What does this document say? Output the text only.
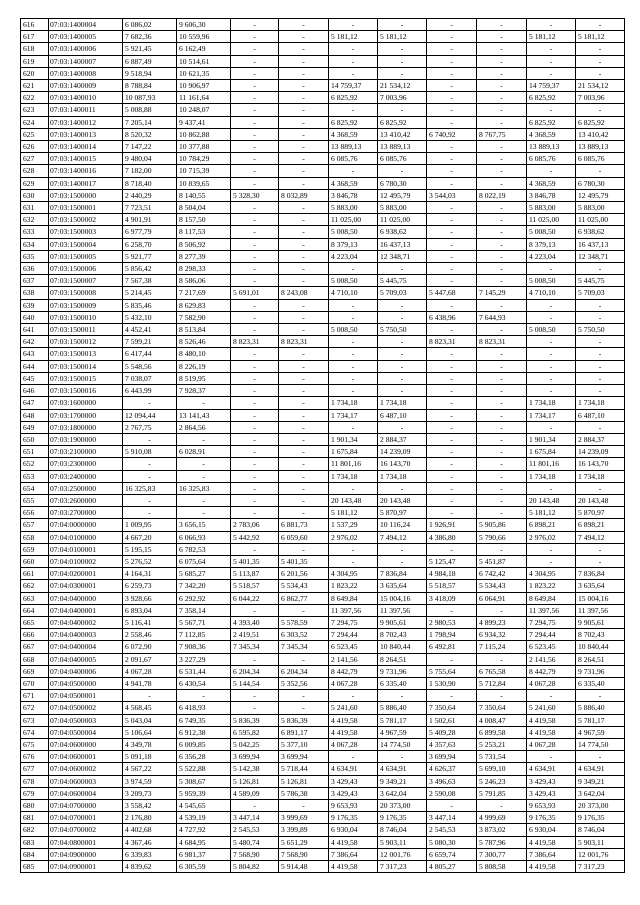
616	07:03:1400004	6 086,02	9 606,30	-	-	-	-	-	-	-	-
617	07:03:1400005	7 682,36	10 559,96	-	-	5 181,12	5 181,12	-	-	5 181,12	5 181,12
618	07:03:1400006	5 921,45	6 162,49	-	-	-	-	-	-	-	-
619	07:03:1400007	6 887,49	10 514,61	-	-	-	-	-	-	-	-
620	07:03:1400008	9 518,94	10 621,35	-	-	-	-	-	-	-	-
621	07:03:1400009	8 788,84	10 906,97	-	-	14 759,37	21 534,12	-	-	14 759,37	21 534,12
622	07:03:1400010	10 087,93	11 161,64	-	-	6 825,92	7 003,96	-	-	6 825,92	7 003,96
623	07:03:1400011	5 008,88	10 248,07	-	-	-	-	-	-	-	-
624	07:03:1400012	7 205,14	9 437,41	-	-	6 825,92	6 825,92	-	-	6 825,92	6 825,92
625	07:03:1400013	8 520,32	10 862,88	-	-	4 368,59	13 410,42	6 740,92	8 767,75	4 368,59	13 410,42
626	07:03:1400014	7 147,22	10 377,88	-	-	13 889,13	13 889,13	-	-	13 889,13	13 889,13
627	07:03:1400015	9 480,04	10 784,29	-	-	6 085,76	6 085,76	-	-	6 085,76	6 085,76
628	07:03:1400016	7 182,00	10 715,39	-	-	-	-	-	-	-	-
629	07:03:1400017	8 718,40	10 839,65	-	-	4 368,59	6 780,30	-	-	4 368,59	6 780,30
630	07:03:1500000	2 440,29	8 140,55	5 328,30	8 032,89	3 846,78	12 495,79	3 544,03	8 022,19	3 846,78	12 495,79
631	07:03:1500001	7 723,51	8 504,04	-	-	5 883,00	5 883,00	-	-	5 883,00	5 883,00
632	07:03:1500002	4 901,91	8 157,50	-	-	11 025,00	11 025,00	-	-	11 025,00	11 025,00
633	07:03:1500003	6 977,79	8 117,53	-	-	5 008,50	6 938,62	-	-	5 008,50	6 938,62
634	07:03:1500004	6 258,70	8 506,92	-	-	8 379,13	16 437,13	-	-	8 379,13	16 437,13
635	07:03:1500005	5 921,77	8 277,39	-	-	4 223,04	12 348,71	-	-	4 223,04	12 348,71
636	07:03:1500006	5 856,42	8 298,33	-	-	-	-	-	-	-	-
637	07:03:1500007	7 567,38	8 586,06	-	-	5 008,50	5 445,75	-	-	5 008,50	5 445,75
638	07:03:1500008	5 214,45	7 217,69	5 691,01	8 243,08	4 710,10	5 709,03	5 447,68	7 145,29	4 710,10	5 709,03
639	07:03:1500009	5 835,46	8 629,83	-	-	-	-	-	-	-	-
640	07:03:1500010	5 432,10	7 582,90	-	-	-	-	6 438,96	7 644,93	-	-
641	07:03:1500011	4 452,41	8 513,84	-	-	5 008,50	5 750,50	-	-	5 008,50	5 750,50
642	07:03:1500012	7 599,21	8 526,46	8 823,31	8 823,31	-	-	8 823,31	8 823,31	-	-
643	07:03:1500013	6 417,44	8 480,10	-	-	-	-	-	-	-	-
644	07:03:1500014	5 548,56	8 226,19	-	-	-	-	-	-	-	-
645	07:03:1500015	7 038,07	8 519,95	-	-	-	-	-	-	-	-
646	07:03:1500016	6 443,99	7 928,37	-	-	-	-	-	-	-	-
647	07:03:1600000	-	-	-	-	1 734,18	1 734,18	-	-	1 734,18	1 734,18
648	07:03:1700000	12 094,44	13 141,43	-	-	1 734,17	6 487,10	-	-	1 734,17	6 487,10
649	07:03:1800000	2 767,75	2 864,56	-	-	-	-	-	-	-	-
650	07:03:1900000	-	-	-	-	1 901,34	2 884,37	-	-	1 901,34	2 884,37
651	07:03:2100000	5 910,08	6 028,91	-	-	1 675,84	14 239,09	-	-	1 675,84	14 239,09
652	07:03:2300000	-	-	-	-	11 801,16	16 143,70	-	-	11 801,16	16 143,70
653	07:03:2400000	-	-	-	-	1 734,18	1 734,18	-	-	1 734,18	1 734,18
654	07:03:2500000	16 325,83	16 325,83	-	-	-	-	-	-	-	-
655	07:03:2600000	-	-	-	-	20 143,48	20 143,48	-	-	20 143,48	20 143,48
656	07:03:2700000	-	-	-	-	5 181,12	5 870,97	-	-	5 181,12	5 870,97
657	07:04:0000000	1 009,95	3 656,15	2 783,06	6 881,73	1 537,29	10 116,24	1 926,91	5 905,86	6 898,21	6 898,21
658	07:04:0100000	4 667,20	6 066,93	5 442,92	6 059,60	2 976,02	7 494,12	4 386,80	5 790,66	2 976,02	7 494,12
659	07:04:0100001	5 195,15	6 782,53	-	-	-	-	-	-	-	-
660	07:04:0100002	5 276,52	6 075,64	5 401,35	5 401,35	-	-	5 125,47	5 451,87	-	-
661	07:04:0200001	4 164,31	5 685,27	5 113,87	6 201,56	4 304,95	7 836,84	4 984,18	6 742,42	4 304,95	7 836,84
662	07:04:0300001	6 259,73	7 342,20	5 518,57	5 534,43	1 823,22	3 635,64	5 518,57	5 534,43	1 823,22	3 635,64
663	07:04:0400000	3 928,66	6 292,92	6 044,22	6 862,77	8 649,84	15 004,16	3 418,09	6 064,91	8 649,84	15 004,16
664	07:04:0400001	6 893,04	7 358,14	-	-	11 397,56	11 397,56	-	-	11 397,56	11 397,56
665	07:04:0400002	5 116,41	5 567,71	4 393,40	5 578,59	7 294,75	9 905,61	2 980,53	4 899,23	7 294,75	9 905,61
666	07:04:0400003	2 558,46	7 112,85	2 419,51	6 303,52	7 294,44	8 702,43	1 798,94	6 934,32	7 294,44	8 702,43
667	07:04:0400004	6 072,90	7 908,36	7 345,34	7 345,34	6 523,45	10 840,44	6 492,81	7 115,24	6 523,45	10 840,44
668	07:04:0400005	2 091,67	3 227,29	-	-	2 141,56	8 264,51	-	-	2 141,56	8 264,51
669	07:04:0400006	4 067,28	6 531,44	6 204,34	6 204,34	8 442,79	9 731,96	5 755,64	6 765,58	8 442,79	9 731,96
670	07:04:0500000	4 941,78	6 430,54	5 144,54	5 352,56	4 067,28	6 335,40	1 530,90	5 712,84	4 067,28	6 335,40
671	07:04:0500001	-	-	-	-	-	-	-	-	-	-
672	07:04:0500002	4 568,45	6 418,93	-	-	5 241,60	5 886,40	7 350,64	7 350,64	5 241,60	5 886,40
673	07:04:0500003	5 043,04	6 749,35	5 836,39	5 836,39	4 419,58	5 781,17	1 502,61	4 008,47	4 419,58	5 781,17
674	07:04:0500004	5 106,64	6 912,38	6 595,82	6 891,17	4 419,58	4 967,59	5 409,28	6 899,58	4 419,58	4 967,59
675	07:04:0600000	4 349,78	6 009,85	5 042,25	5 377,10	4 067,28	14 774,50	4 357,63	5 253,21	4 067,28	14 774,50
676	07:04:0600001	5 091,18	6 356,28	3 699,94	3 699,94	-	-	3 699,94	5 731,54	-	-
677	07:04:0600002	4 567,22	5 522,88	5 142,38	5 718,44	4 634,91	4 634,91	4 626,37	5 699,10	4 634,91	4 634,91
678	07:04:0600003	3 974,59	5 308,67	5 126,81	5 126,81	3 429,43	9 349,21	3 496,63	5 246,23	3 429,43	9 349,21
679	07:04:0600004	3 209,73	5 959,39	4 589,09	5 786,38	3 429,43	3 642,04	2 590,08	5 791,85	3 429,43	3 642,04
680	07:04:0700000	3 558,42	4 545,65	-	-	9 653,93	20 373,00	-	-	9 653,93	20 373,00
681	07:04:0700001	2 176,80	4 539,19	3 447,14	3 999,69	9 176,35	9 176,35	3 447,14	4 999,69	9 176,35	9 176,35
682	07:04:0700002	4 402,68	4 727,92	2 545,53	3 399,89	6 930,04	8 746,04	2 545,53	3 873,02	6 930,04	8 746,04
683	07:04:0800001	4 367,46	4 684,95	5 480,74	5 651,29	4 419,58	5 903,11	5 080,30	5 787,96	4 419,58	5 903,11
684	07:04:0900000	6 339,83	6 981,37	7 568,90	7 568,90	7 386,64	12 001,76	6 659,74	7 300,77	7 386,64	12 001,76
685	07:04:0900001	4 839,62	6 305,59	5 804,82	5 914,48	4 419,58	7 317,23	4 805,27	5 808,58	4 419,58	7 317,23
